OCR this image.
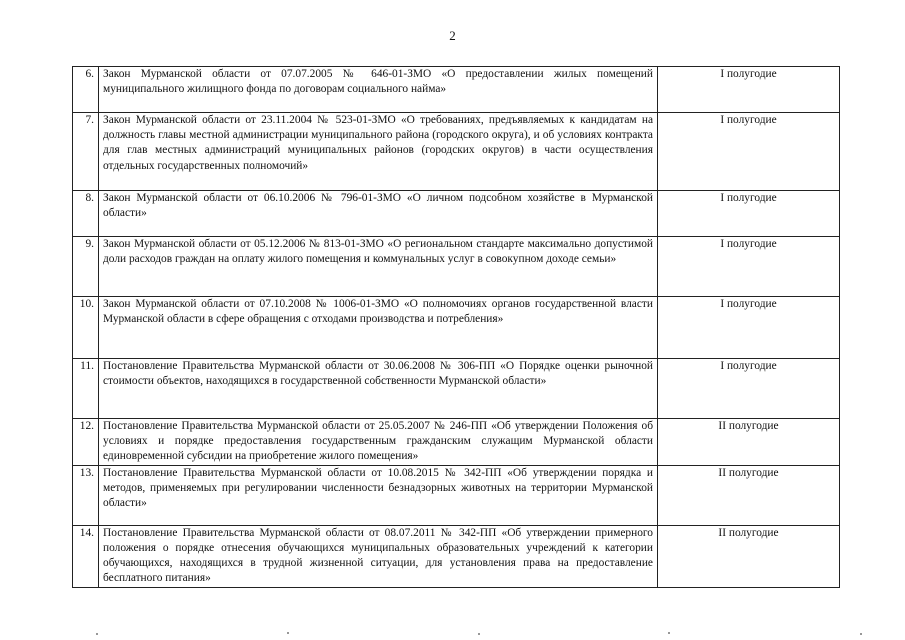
2
6.	Закон Мурманской области от 07.07.2005 № 646-01-ЗМО «О предоставлении жилых помещений муниципального жилищного фонда по договорам социального найма»	I полугодие
7.	Закон Мурманской области от 23.11.2004 № 523-01-ЗМО «О требованиях, предъявляемых к кандидатам на должность главы местной администрации муниципального района (городского округа), и об условиях контракта для глав местных администраций муниципальных районов (городских округов) в части осуществления отдельных государственных полномочий»	I полугодие
8.	Закон Мурманской области от 06.10.2006 № 796-01-ЗМО «О личном подсобном хозяйстве в Мурманской области»	I полугодие
9.	Закон Мурманской области от 05.12.2006 № 813-01-ЗМО «О региональном стандарте максимально допустимой доли расходов граждан на оплату жилого помещения и коммунальных услуг в совокупном доходе семьи»	I полугодие
10.	Закон Мурманской области от 07.10.2008 № 1006-01-ЗМО «О полномочиях органов государственной власти Мурманской области в сфере обращения с отходами производства и потребления»	I полугодие
11.	Постановление Правительства Мурманской области от 30.06.2008 № 306-ПП «О Порядке оценки рыночной стоимости объектов, находящихся в государственной собственности Мурманской области»	I полугодие
12.	Постановление Правительства Мурманской области от 25.05.2007 № 246-ПП «Об утверждении Положения об условиях и порядке предоставления государственным гражданским служащим Мурманской области единовременной субсидии на приобретение жилого помещения»	II полугодие
13.	Постановление Правительства Мурманской области от 10.08.2015 № 342-ПП «Об утверждении порядка и методов, применяемых при регулировании численности безнадзорных животных на территории Мурманской области»	II полугодие
14.	Постановление Правительства Мурманской области от 08.07.2011 № 342-ПП «Об утверждении примерного положения о порядке отнесения обучающихся муниципальных образовательных учреждений к категории обучающихся, находящихся в трудной жизненной ситуации, для установления права на предоставление бесплатного питания»	II полугодие
